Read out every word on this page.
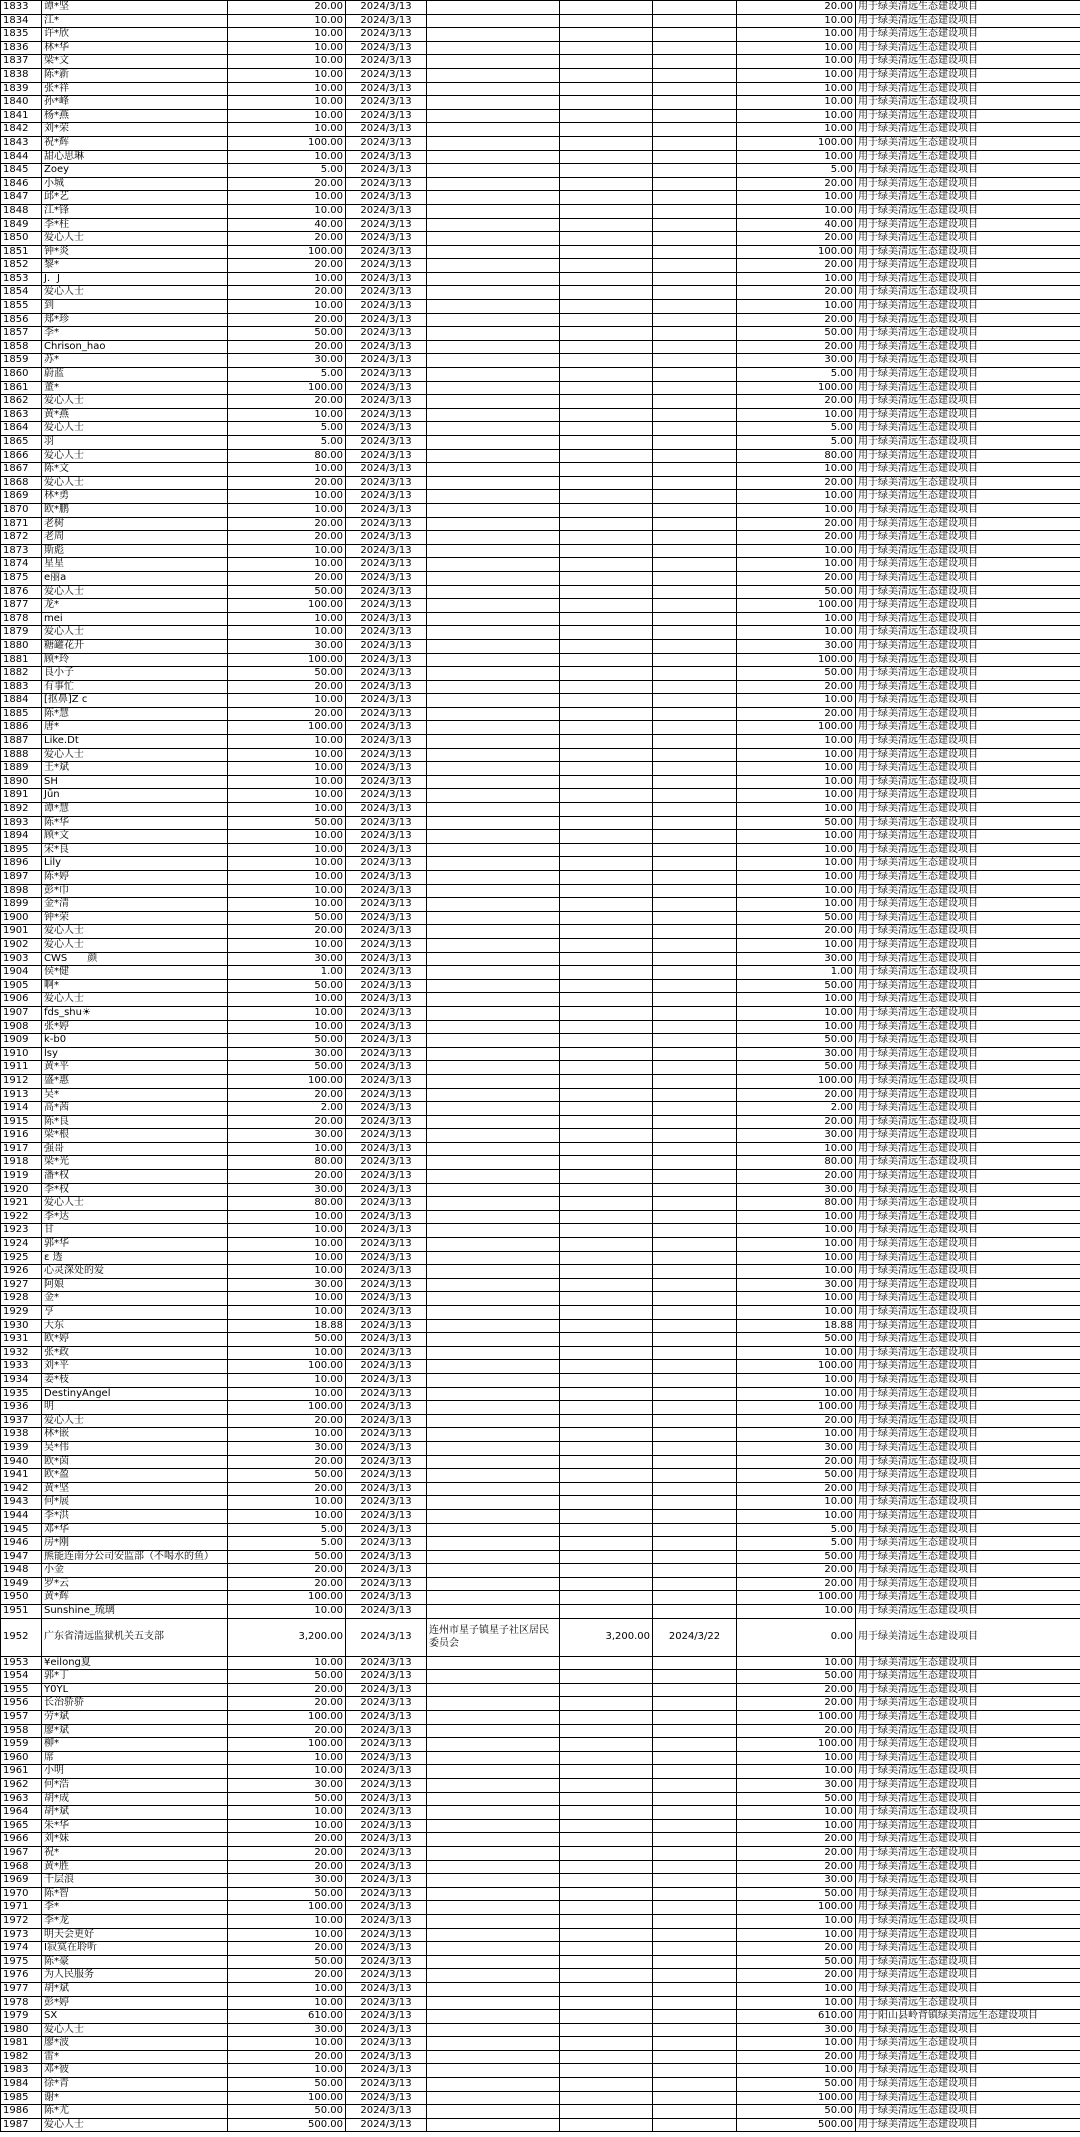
1833	谭*坚	20.00	2024/3/13				20.00	用于绿美清远生态建设项目
1834	江*	10.00	2024/3/13				10.00	用于绿美清远生态建设项目
1835	许*欣	10.00	2024/3/13				10.00	用于绿美清远生态建设项目
1836	林*华	10.00	2024/3/13				10.00	用于绿美清远生态建设项目
1837	梁*文	10.00	2024/3/13				10.00	用于绿美清远生态建设项目
1838	陈*新	10.00	2024/3/13				10.00	用于绿美清远生态建设项目
1839	张*祥	10.00	2024/3/13				10.00	用于绿美清远生态建设项目
1840	孙*峰	10.00	2024/3/13				10.00	用于绿美清远生态建设项目
1841	杨*燕	10.00	2024/3/13				10.00	用于绿美清远生态建设项目
1842	刘*荣	10.00	2024/3/13				10.00	用于绿美清远生态建设项目
1843	祝*辉	100.00	2024/3/13				100.00	用于绿美清远生态建设项目
1844	甜心思琳	10.00	2024/3/13				10.00	用于绿美清远生态建设项目
1845	Zoey	5.00	2024/3/13				5.00	用于绿美清远生态建设项目
1846	小城	20.00	2024/3/13				20.00	用于绿美清远生态建设项目
1847	邱*艺	10.00	2024/3/13				10.00	用于绿美清远生态建设项目
1848	江*锋	10.00	2024/3/13				10.00	用于绿美清远生态建设项目
1849	李*柱	40.00	2024/3/13				40.00	用于绿美清远生态建设项目
1850	爱心人士	20.00	2024/3/13				20.00	用于绿美清远生态建设项目
1851	钟*炎	100.00	2024/3/13				100.00	用于绿美清远生态建设项目
1852	黎*	20.00	2024/3/13				20.00	用于绿美清远生态建设项目
1853	J．J	10.00	2024/3/13				10.00	用于绿美清远生态建设项目
1854	爱心人士	20.00	2024/3/13				20.00	用于绿美清远生态建设项目
1855	到	10.00	2024/3/13				10.00	用于绿美清远生态建设项目
1856	郑*珍	20.00	2024/3/13				20.00	用于绿美清远生态建设项目
1857	李*	50.00	2024/3/13				50.00	用于绿美清远生态建设项目
1858	Chrison_hao	20.00	2024/3/13				20.00	用于绿美清远生态建设项目
1859	苏*	30.00	2024/3/13				30.00	用于绿美清远生态建设项目
1860	蔚蓝	5.00	2024/3/13				5.00	用于绿美清远生态建设项目
1861	董*	100.00	2024/3/13				100.00	用于绿美清远生态建设项目
1862	爱心人士	20.00	2024/3/13				20.00	用于绿美清远生态建设项目
1863	黄*燕	10.00	2024/3/13				10.00	用于绿美清远生态建设项目
1864	爱心人士	5.00	2024/3/13				5.00	用于绿美清远生态建设项目
1865	羽	5.00	2024/3/13				5.00	用于绿美清远生态建设项目
1866	爱心人士	80.00	2024/3/13				80.00	用于绿美清远生态建设项目
1867	陈*文	10.00	2024/3/13				10.00	用于绿美清远生态建设项目
1868	爱心人士	20.00	2024/3/13				20.00	用于绿美清远生态建设项目
1869	林*勇	10.00	2024/3/13				10.00	用于绿美清远生态建设项目
1870	欧*鹏	10.00	2024/3/13				10.00	用于绿美清远生态建设项目
1871	老树	20.00	2024/3/13				20.00	用于绿美清远生态建设项目
1872	老周	20.00	2024/3/13				20.00	用于绿美清远生态建设项目
1873	斯彪	10.00	2024/3/13				10.00	用于绿美清远生态建设项目
1874	星星	10.00	2024/3/13				10.00	用于绿美清远生态建设项目
1875	e丽a	20.00	2024/3/13				20.00	用于绿美清远生态建设项目
1876	爱心人士	50.00	2024/3/13				50.00	用于绿美清远生态建设项目
1877	龙*	100.00	2024/3/13				100.00	用于绿美清远生态建设项目
1878	mei	10.00	2024/3/13				10.00	用于绿美清远生态建设项目
1879	爱心人士	10.00	2024/3/13				10.00	用于绿美清远生态建设项目
1880	糖罐花开	30.00	2024/3/13				30.00	用于绿美清远生态建设项目
1881	顾*玲	100.00	2024/3/13				100.00	用于绿美清远生态建设项目
1882	良小子	50.00	2024/3/13				50.00	用于绿美清远生态建设项目
1883	有事忙	20.00	2024/3/13				20.00	用于绿美清远生态建设项目
1884	[抠鼻]Z c	10.00	2024/3/13				10.00	用于绿美清远生态建设项目
1885	陈*慧	20.00	2024/3/13				20.00	用于绿美清远生态建设项目
1886	唐*	100.00	2024/3/13				100.00	用于绿美清远生态建设项目
1887	Like.Dt	10.00	2024/3/13				10.00	用于绿美清远生态建设项目
1888	爱心人士	10.00	2024/3/13				10.00	用于绿美清远生态建设项目
1889	王*斌	10.00	2024/3/13				10.00	用于绿美清远生态建设项目
1890	SH	10.00	2024/3/13				10.00	用于绿美清远生态建设项目
1891	Jūn	10.00	2024/3/13				10.00	用于绿美清远生态建设项目
1892	谭*慧	10.00	2024/3/13				10.00	用于绿美清远生态建设项目
1893	陈*华	50.00	2024/3/13				50.00	用于绿美清远生态建设项目
1894	顾*文	10.00	2024/3/13				10.00	用于绿美清远生态建设项目
1895	宋*良	10.00	2024/3/13				10.00	用于绿美清远生态建设项目
1896	Lily	10.00	2024/3/13				10.00	用于绿美清远生态建设项目
1897	陈*婷	10.00	2024/3/13				10.00	用于绿美清远生态建设项目
1898	彭*巾	10.00	2024/3/13				10.00	用于绿美清远生态建设项目
1899	金*清	10.00	2024/3/13				10.00	用于绿美清远生态建设项目
1900	钟*荣	50.00	2024/3/13				50.00	用于绿美清远生态建设项目
1901	爱心人士	20.00	2024/3/13				20.00	用于绿美清远生态建设项目
1902	爱心人士	10.00	2024/3/13				10.00	用于绿美清远生态建设项目
1903	CWS　　颜	30.00	2024/3/13				30.00	用于绿美清远生态建设项目
1904	侯*健	1.00	2024/3/13				1.00	用于绿美清远生态建设项目
1905	啊*	50.00	2024/3/13				50.00	用于绿美清远生态建设项目
1906	爱心人士	10.00	2024/3/13				10.00	用于绿美清远生态建设项目
1907	fds_shu☀	10.00	2024/3/13				10.00	用于绿美清远生态建设项目
1908	张*婷	10.00	2024/3/13				10.00	用于绿美清远生态建设项目
1909	k-b0	50.00	2024/3/13				50.00	用于绿美清远生态建设项目
1910	lsy	30.00	2024/3/13				30.00	用于绿美清远生态建设项目
1911	黄*平	50.00	2024/3/13				50.00	用于绿美清远生态建设项目
1912	盛*惠	100.00	2024/3/13				100.00	用于绿美清远生态建设项目
1913	吴*	20.00	2024/3/13				20.00	用于绿美清远生态建设项目
1914	高*茜	2.00	2024/3/13				2.00	用于绿美清远生态建设项目
1915	陈*良	20.00	2024/3/13				20.00	用于绿美清远生态建设项目
1916	梁*根	30.00	2024/3/13				30.00	用于绿美清远生态建设项目
1917	强哥	10.00	2024/3/13				10.00	用于绿美清远生态建设项目
1918	梁*光	80.00	2024/3/13				80.00	用于绿美清远生态建设项目
1919	潘*权	20.00	2024/3/13				20.00	用于绿美清远生态建设项目
1920	李*权	30.00	2024/3/13				30.00	用于绿美清远生态建设项目
1921	爱心人士	80.00	2024/3/13				80.00	用于绿美清远生态建设项目
1922	李*达	10.00	2024/3/13				10.00	用于绿美清远生态建设项目
1923	甘	10.00	2024/3/13				10.00	用于绿美清远生态建设项目
1924	郭*华	10.00	2024/3/13				10.00	用于绿美清远生态建设项目
1925	ε 透	10.00	2024/3/13				10.00	用于绿美清远生态建设项目
1926	心灵深处的爱	10.00	2024/3/13				10.00	用于绿美清远生态建设项目
1927	阿娘	30.00	2024/3/13				30.00	用于绿美清远生态建设项目
1928	金*	10.00	2024/3/13				10.00	用于绿美清远生态建设项目
1929	亨	10.00	2024/3/13				10.00	用于绿美清远生态建设项目
1930	大东	18.88	2024/3/13				18.88	用于绿美清远生态建设项目
1931	欧*婷	50.00	2024/3/13				50.00	用于绿美清远生态建设项目
1932	张*政	10.00	2024/3/13				10.00	用于绿美清远生态建设项目
1933	刘*平	100.00	2024/3/13				100.00	用于绿美清远生态建设项目
1934	姜*枝	10.00	2024/3/13				10.00	用于绿美清远生态建设项目
1935	DestinyAngel	10.00	2024/3/13				10.00	用于绿美清远生态建设项目
1936	明	100.00	2024/3/13				100.00	用于绿美清远生态建设项目
1937	爱心人士	20.00	2024/3/13				20.00	用于绿美清远生态建设项目
1938	林*嵌	10.00	2024/3/13				10.00	用于绿美清远生态建设项目
1939	吴*伟	30.00	2024/3/13				30.00	用于绿美清远生态建设项目
1940	欧*茵	20.00	2024/3/13				20.00	用于绿美清远生态建设项目
1941	欧*盈	50.00	2024/3/13				50.00	用于绿美清远生态建设项目
1942	黄*坚	20.00	2024/3/13				20.00	用于绿美清远生态建设项目
1943	何*展	10.00	2024/3/13				10.00	用于绿美清远生态建设项目
1944	李*洪	10.00	2024/3/13				10.00	用于绿美清远生态建设项目
1945	邓*华	5.00	2024/3/13				5.00	用于绿美清远生态建设项目
1946	房*刚	5.00	2024/3/13				5.00	用于绿美清远生态建设项目
1947	熊能连南分公司安监部（不喝水的鱼）	50.00	2024/3/13				50.00	用于绿美清远生态建设项目
1948	小金	20.00	2024/3/13				20.00	用于绿美清远生态建设项目
1949	罗*云	20.00	2024/3/13				20.00	用于绿美清远生态建设项目
1950	黄*辉	100.00	2024/3/13				100.00	用于绿美清远生态建设项目
1951	Sunshine_琉璃	10.00	2024/3/13				10.00	用于绿美清远生态建设项目
1952	广东省清远监狱机关五支部	3,200.00	2024/3/13	连州市星子镇星子社区居民委员会	3,200.00	2024/3/22	0.00	用于绿美清远生态建设项目
1953	¥eilong夏	10.00	2024/3/13				10.00	用于绿美清远生态建设项目
1954	郭*丁	50.00	2024/3/13				50.00	用于绿美清远生态建设项目
1955	Y0YL	20.00	2024/3/13				20.00	用于绿美清远生态建设项目
1956	长治骄骄	20.00	2024/3/13				20.00	用于绿美清远生态建设项目
1957	劳*斌	100.00	2024/3/13				100.00	用于绿美清远生态建设项目
1958	廖*斌	20.00	2024/3/13				20.00	用于绿美清远生态建设项目
1959	柳*	100.00	2024/3/13				100.00	用于绿美清远生态建设项目
1960	席	10.00	2024/3/13				10.00	用于绿美清远生态建设项目
1961	小明	10.00	2024/3/13				10.00	用于绿美清远生态建设项目
1962	何*浩	30.00	2024/3/13				30.00	用于绿美清远生态建设项目
1963	胡*成	50.00	2024/3/13				50.00	用于绿美清远生态建设项目
1964	胡*斌	10.00	2024/3/13				10.00	用于绿美清远生态建设项目
1965	朱*华	10.00	2024/3/13				10.00	用于绿美清远生态建设项目
1966	刘*妹	20.00	2024/3/13				20.00	用于绿美清远生态建设项目
1967	祝*	20.00	2024/3/13				20.00	用于绿美清远生态建设项目
1968	黄*胜	20.00	2024/3/13				20.00	用于绿美清远生态建设项目
1969	千层浪	30.00	2024/3/13				30.00	用于绿美清远生态建设项目
1970	陈*智	50.00	2024/3/13				50.00	用于绿美清远生态建设项目
1971	李*	100.00	2024/3/13				100.00	用于绿美清远生态建设项目
1972	李*龙	10.00	2024/3/13				10.00	用于绿美清远生态建设项目
1973	明天会更好	10.00	2024/3/13				10.00	用于绿美清远生态建设项目
1974	I寂寞在聆听	20.00	2024/3/13				20.00	用于绿美清远生态建设项目
1975	陈*豪	50.00	2024/3/13				50.00	用于绿美清远生态建设项目
1976	为人民服务	20.00	2024/3/13				20.00	用于绿美清远生态建设项目
1977	胡*斌	10.00	2024/3/13				10.00	用于绿美清远生态建设项目
1978	彭*婷	10.00	2024/3/13				10.00	用于绿美清远生态建设项目
1979	SX	610.00	2024/3/13				610.00	用于阳山县岭背镇绿美清远生态建设项目
1980	爱心人士	30.00	2024/3/13				30.00	用于绿美清远生态建设项目
1981	廖*波	10.00	2024/3/13				10.00	用于绿美清远生态建设项目
1982	雷*	20.00	2024/3/13				20.00	用于绿美清远生态建设项目
1983	邓*彼	10.00	2024/3/13				10.00	用于绿美清远生态建设项目
1984	徐*青	50.00	2024/3/13				50.00	用于绿美清远生态建设项目
1985	谢*	100.00	2024/3/13				100.00	用于绿美清远生态建设项目
1986	陈*尤	50.00	2024/3/13				50.00	用于绿美清远生态建设项目
1987	爱心人士	500.00	2024/3/13				500.00	用于绿美清远生态建设项目
